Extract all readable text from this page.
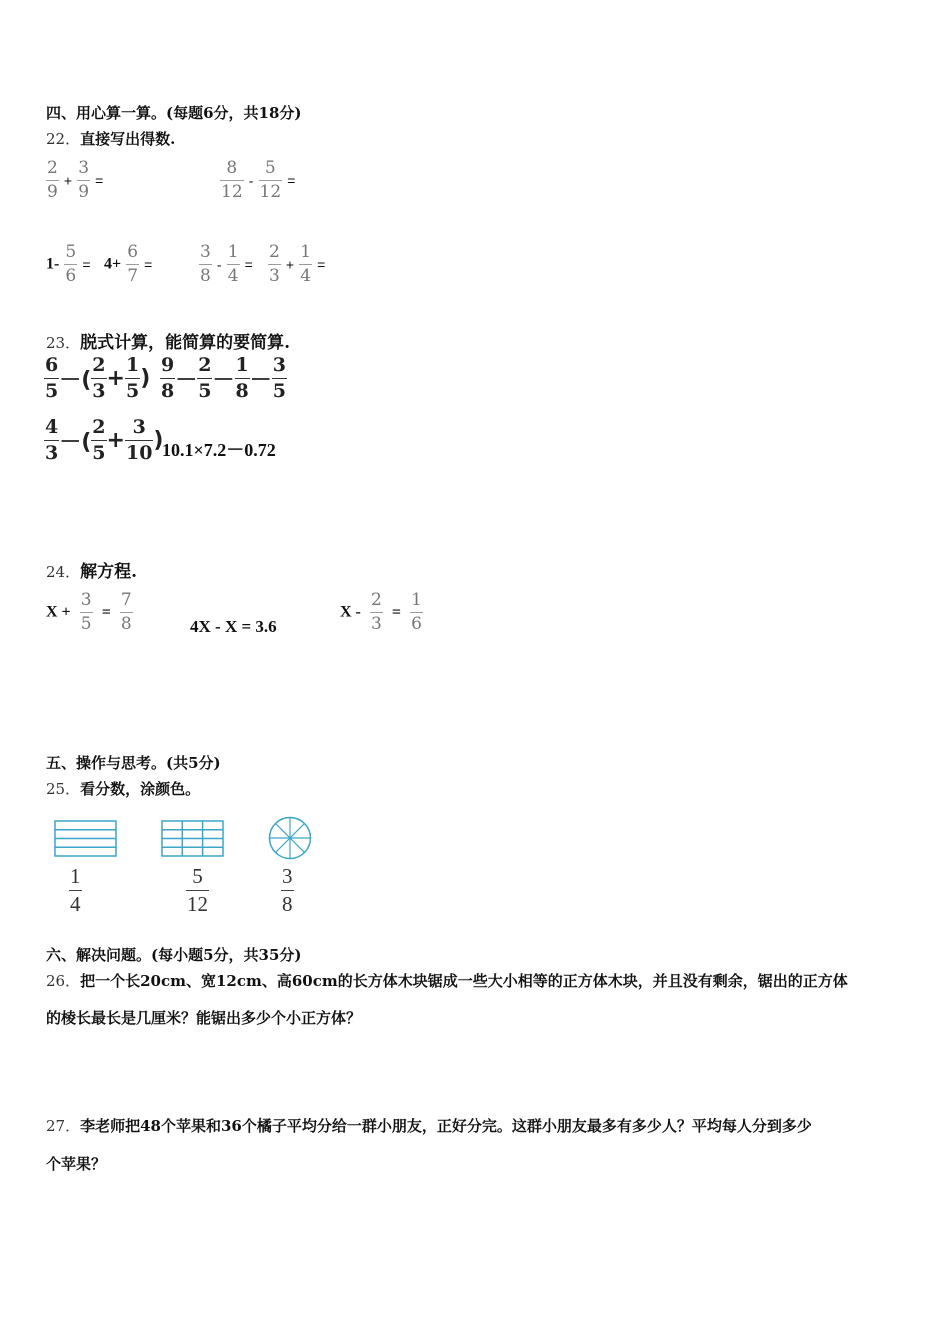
四、用心算一算。(每题6分，共18分)
22．直接写出得数.
$\frac{2}{9} + \frac{3}{9}$ =	$\frac{8}{12} - \frac{5}{12}$ =
$1- \frac{5}{6} = 4+ \frac{6}{7}$ =	$\frac{3}{8} - \frac{1}{4} = \frac{2}{3} + \frac{1}{4}$ =
23．脱式计算，能简算的要简算.
$\frac{6}{5}$ －( $\frac{2}{3} + \frac{1}{5}$ ) $\frac{9}{8} - \frac{2}{5} - \frac{1}{8} - \frac{3}{5}$
$\frac{4}{3}$ －( $\frac{2}{5} + \frac{3}{10}$ )
10.1×7.2－0.72
24．解方程.
$X + \frac{3}{5} = \frac{7}{8}$	4X - X = 3.6
$X - \frac{2}{3} = \frac{1}{6}$
五、操作与思考。(共5分)
25．看分数，涂颜色。
$\frac{1}{4}$	$\frac{5}{12}$	$\frac{3}{8}$
六、解决问题。(每小题5分，共35分)
26．把一个长20cm、宽12cm、高60cm的长方体木块锯成一些大小相等的正方体木块，并且没有剩余，锯出的正方体
的棱长最长是几厘米？能锯出多少个小正方体？
27．李老师把48个苹果和36个橘子平均分给一群小朋友，正好分完。这群小朋友最多有多少人？平均每人分到多少
个苹果？
